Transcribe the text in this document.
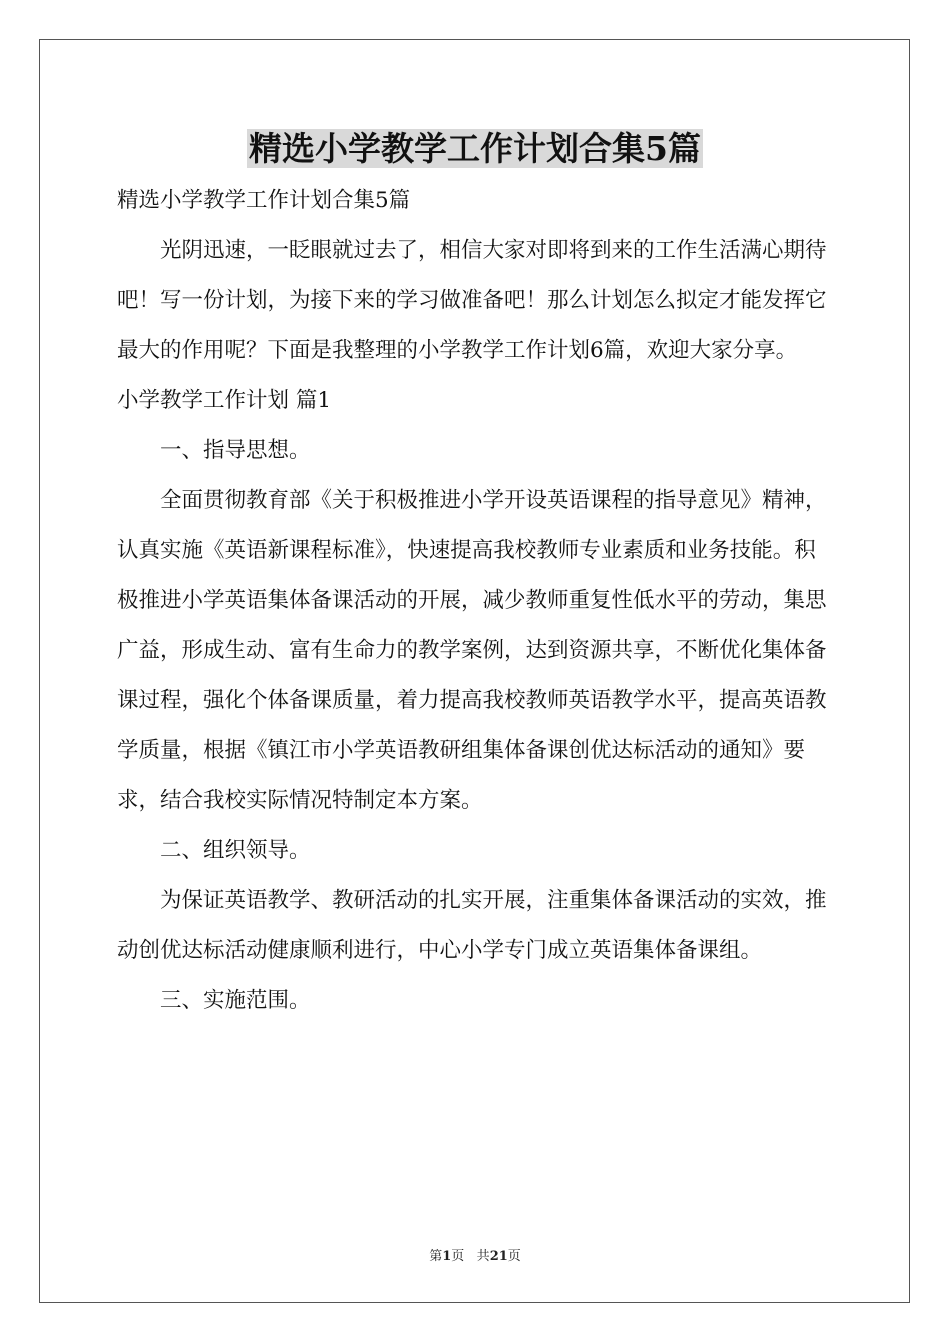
精选小学教学工作计划合集5篇

精选小学教学工作计划合集5篇

光阴迅速，一眨眼就过去了，相信大家对即将到来的工作生活满心期待吧！写一份计划，为接下来的学习做准备吧！那么计划怎么拟定才能发挥它最大的作用呢？下面是我整理的小学教学工作计划6篇，欢迎大家分享。

小学教学工作计划 篇1

一、指导思想。

全面贯彻教育部《关于积极推进小学开设英语课程的指导意见》精神，认真实施《英语新课程标准》，快速提高我校教师专业素质和业务技能。积极推进小学英语集体备课活动的开展，减少教师重复性低水平的劳动，集思广益，形成生动、富有生命力的教学案例，达到资源共享，不断优化集体备课过程，强化个体备课质量，着力提高我校教师英语教学水平，提高英语教学质量，根据《镇江市小学英语教研组集体备课创优达标活动的通知》要求，结合我校实际情况特制定本方案。

二、组织领导。

为保证英语教学、教研活动的扎实开展，注重集体备课活动的实效，推动创优达标活动健康顺利进行，中心小学专门成立英语集体备课组。

三、实施范围。

第1页 共21页
